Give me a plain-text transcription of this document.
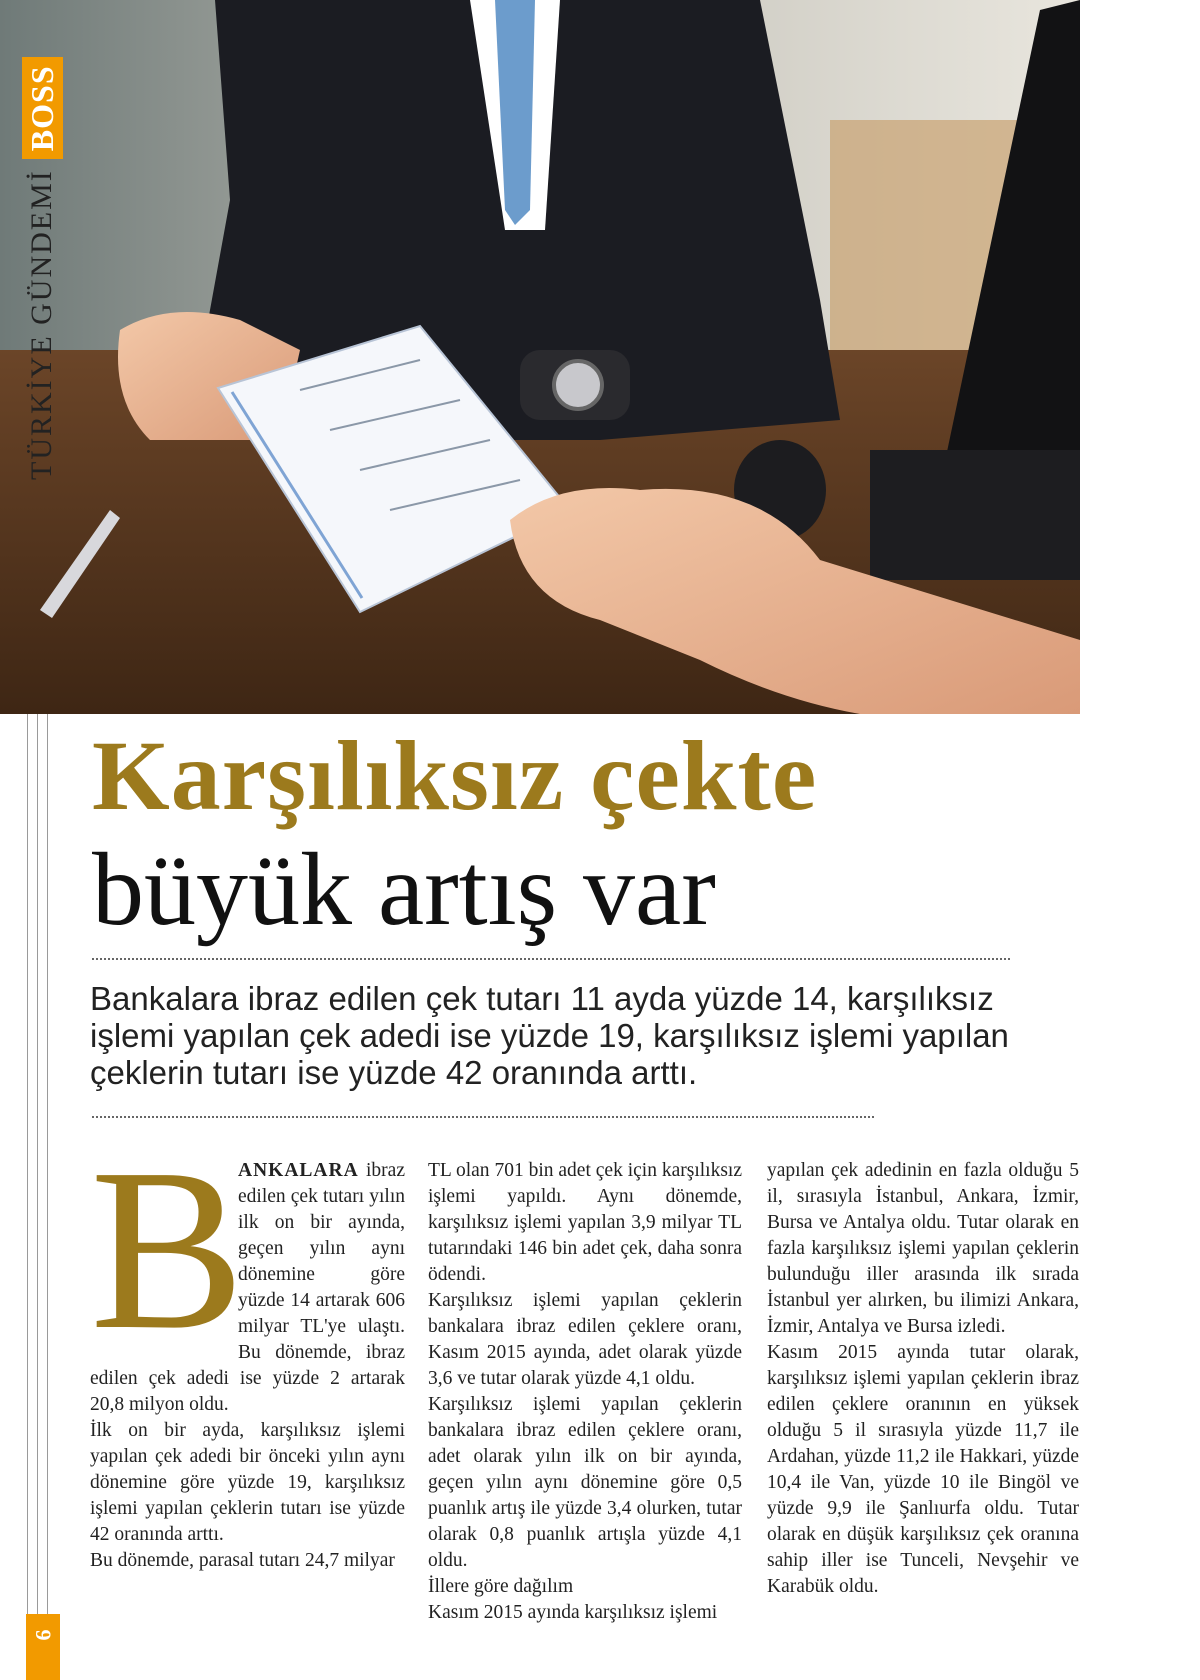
TÜRKİYE GÜNDEMİ
BOSS
6
Karşılıksız çekte
büyük artış var
Bankalara ibraz edilen çek tutarı 11 ayda yüzde 14, karşılıksız işlemi yapılan çek adedi ise yüzde 19, karşılıksız işlemi yapılan çeklerin tutarı ise yüzde 42 oranında arttı.

B
ANKALARA ibraz edilen çek tutarı yılın ilk on bir ayında, geçen yılın aynı dönemine göre yüzde 14 artarak 606 milyar TL'ye ulaştı. Bu dönemde, ibraz edilen çek adedi ise yüzde 2 artarak 20,8 milyon oldu.

İlk on bir ayda, karşılıksız işlemi yapılan çek adedi bir önceki yılın aynı dönemine göre yüzde 19, karşılıksız işlemi yapılan çeklerin tutarı ise yüzde 42 oranında arttı.

Bu dönemde, parasal tutarı 24,7 milyar

TL olan 701 bin adet çek için karşılıksız işlemi yapıldı. Aynı dönemde, karşılıksız işlemi yapılan 3,9 milyar TL tutarındaki 146 bin adet çek, daha sonra ödendi.

Karşılıksız işlemi yapılan çeklerin bankalara ibraz edilen çeklere oranı, Kasım 2015 ayında, adet olarak yüzde 3,6 ve tutar olarak yüzde 4,1 oldu.

Karşılıksız işlemi yapılan çeklerin bankalara ibraz edilen çeklere oranı, adet olarak yılın ilk on bir ayında, geçen yılın aynı dönemine göre 0,5 puanlık artış ile yüzde 3,4 olurken, tutar olarak 0,8 puanlık artışla yüzde 4,1 oldu.

İllere göre dağılım

Kasım 2015 ayında karşılıksız işlemi

yapılan çek adedinin en fazla olduğu 5 il, sırasıyla İstanbul, Ankara, İzmir, Bursa ve Antalya oldu. Tutar olarak en fazla karşılıksız işlemi yapılan çeklerin bulunduğu iller arasında ilk sırada İstanbul yer alırken, bu ilimizi Ankara, İzmir, Antalya ve Bursa izledi.

Kasım 2015 ayında tutar olarak, karşılıksız işlemi yapılan çeklerin ibraz edilen çeklere oranının en yüksek olduğu 5 il sırasıyla yüzde 11,7 ile Ardahan, yüzde 11,2 ile Hakkari, yüzde 10,4 ile Van, yüzde 10 ile Bingöl ve yüzde 9,9 ile Şanlıurfa oldu. Tutar olarak en düşük karşılıksız çek oranına sahip iller ise Tunceli, Nevşehir ve Karabük oldu.
